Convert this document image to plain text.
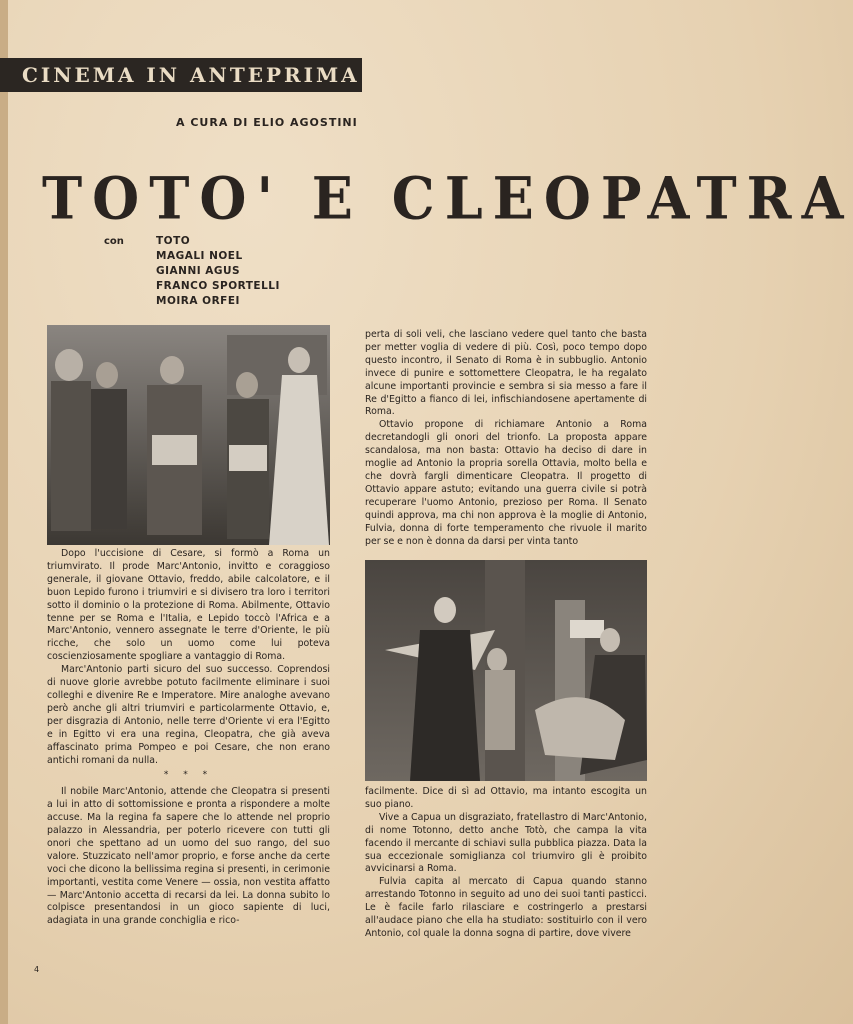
CINEMA IN ANTEPRIMA
A CURA DI ELIO AGOSTINI
TOTO' E CLEOPATRA
con	TOTO
MAGALI NOEL
GIANNI AGUS
FRANCO SPORTELLI
MOIRA ORFEI

Dopo l'uccisione di Cesare, si formò a Roma un triumvirato. Il prode Marc'Antonio, invitto e coraggioso generale, il giovane Ottavio, freddo, abile calcolatore, e il buon Lepido furono i triumviri e si divisero tra loro i territori sotto il dominio o la protezione di Roma. Abilmente, Ottavio tenne per se Roma e l'Italia, e Lepido toccò l'Africa e a Marc'Antonio, vennero assegnate le terre d'Oriente, le più ricche, che solo un uomo come lui poteva coscienziosamente spogliare a vantaggio di Roma.

Marc'Antonio parti sicuro del suo successo. Coprendosi di nuove glorie avrebbe potuto facilmente eliminare i suoi colleghi e divenire Re e Imperatore. Mire analoghe avevano però anche gli altri triumviri e particolarmente Ottavio, e, per disgrazia di Antonio, nelle terre d'Oriente vi era l'Egitto e in Egitto vi era una regina, Cleopatra, che già aveva affascinato prima Pompeo e poi Cesare, che non erano antichi romani da nulla.

* * *

Il nobile Marc'Antonio, attende che Cleopatra si presenti a lui in atto di sottomissione e pronta a rispondere a molte accuse. Ma la regina fa sapere che lo attende nel proprio palazzo in Alessandria, per poterlo ricevere con tutti gli onori che spettano ad un uomo del suo rango, del suo valore. Stuzzicato nell'amor proprio, e forse anche da certe voci che dicono la bellissima regina si presenti, in cerimonie importanti, vestita come Venere — ossia, non vestita affatto — Marc'Antonio accetta di recarsi da lei. La donna subito lo colpisce presentandosi in un gioco sapiente di luci, adagiata in una grande conchiglia e rico-

perta di soli veli, che lasciano vedere quel tanto che basta per metter voglia di vedere di più. Così, poco tempo dopo questo incontro, il Senato di Roma è in subbuglio. Antonio invece di punire e sottomettere Cleopatra, le ha regalato alcune importanti provincie e sembra si sia messo a fare il Re d'Egitto a fianco di lei, infischiandosene apertamente di Roma.

Ottavio propone di richiamare Antonio a Roma decretandogli gli onori del trionfo. La proposta appare scandalosa, ma non basta: Ottavio ha deciso di dare in moglie ad Antonio la propria sorella Ottavia, molto bella e che dovrà fargli dimenticare Cleopatra. Il progetto di Ottavio appare astuto; evitando una guerra civile si potrà recuperare l'uomo Antonio, prezioso per Roma. Il Senato quindi approva, ma chi non approva è la moglie di Antonio, Fulvia, donna di forte temperamento che rivuole il marito per se e non è donna da darsi per vinta tanto

facilmente. Dice di sì ad Ottavio, ma intanto escogita un suo piano.

Vive a Capua un disgraziato, fratellastro di Marc'Antonio, di nome Totonno, detto anche Totò, che campa la vita facendo il mercante di schiavi sulla pubblica piazza. Data la sua eccezionale somiglianza col triumviro gli è proibito avvicinarsi a Roma.

Fulvia capita al mercato di Capua quando stanno arrestando Totonno in seguito ad uno dei suoi tanti pasticci. Le è facile farlo rilasciare e costringerlo a prestarsi all'audace piano che ella ha studiato: sostituirlo con il vero Antonio, col quale la donna sogna di partire, dove vivere

4
